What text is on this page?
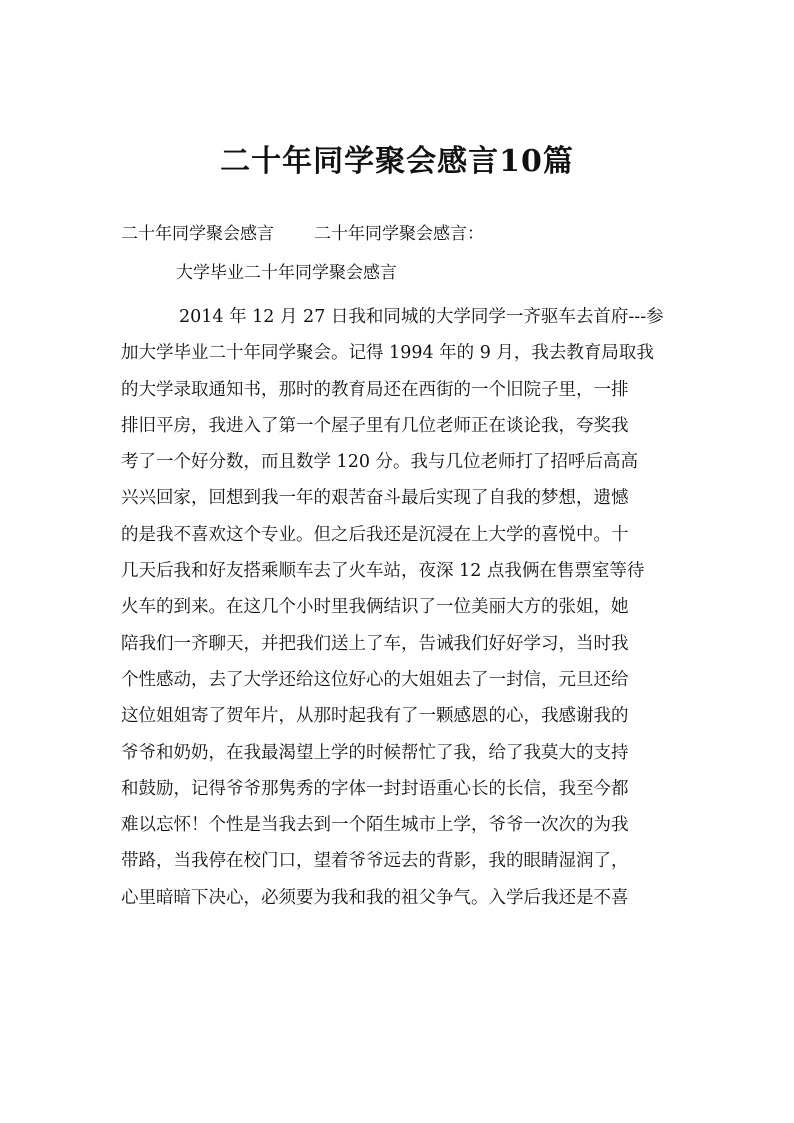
二十年同学聚会感言10篇
二十年同学聚会感言 二十年同学聚会感言：
大学毕业二十年同学聚会感言
2014 年 12 月 27 日我和同城的大学同学一齐驱车去首府---参
加大学毕业二十年同学聚会。记得 1994 年的 9 月，我去教育局取我
的大学录取通知书，那时的教育局还在西街的一个旧院子里，一排
排旧平房，我进入了第一个屋子里有几位老师正在谈论我，夸奖我
考了一个好分数，而且数学 120 分。我与几位老师打了招呼后高高
兴兴回家，回想到我一年的艰苦奋斗最后实现了自我的梦想，遗憾
的是我不喜欢这个专业。但之后我还是沉浸在上大学的喜悦中。十
几天后我和好友搭乘顺车去了火车站，夜深 12 点我俩在售票室等待
火车的到来。在这几个小时里我俩结识了一位美丽大方的张姐，她
陪我们一齐聊天，并把我们送上了车，告诫我们好好学习，当时我
个性感动，去了大学还给这位好心的大姐姐去了一封信，元旦还给
这位姐姐寄了贺年片，从那时起我有了一颗感恩的心，我感谢我的
爷爷和奶奶，在我最渴望上学的时候帮忙了我，给了我莫大的支持
和鼓励，记得爷爷那隽秀的字体一封封语重心长的长信，我至今都
难以忘怀！个性是当我去到一个陌生城市上学，爷爷一次次的为我
带路，当我停在校门口，望着爷爷远去的背影，我的眼睛湿润了，
心里暗暗下决心，必须要为我和我的祖父争气。入学后我还是不喜
